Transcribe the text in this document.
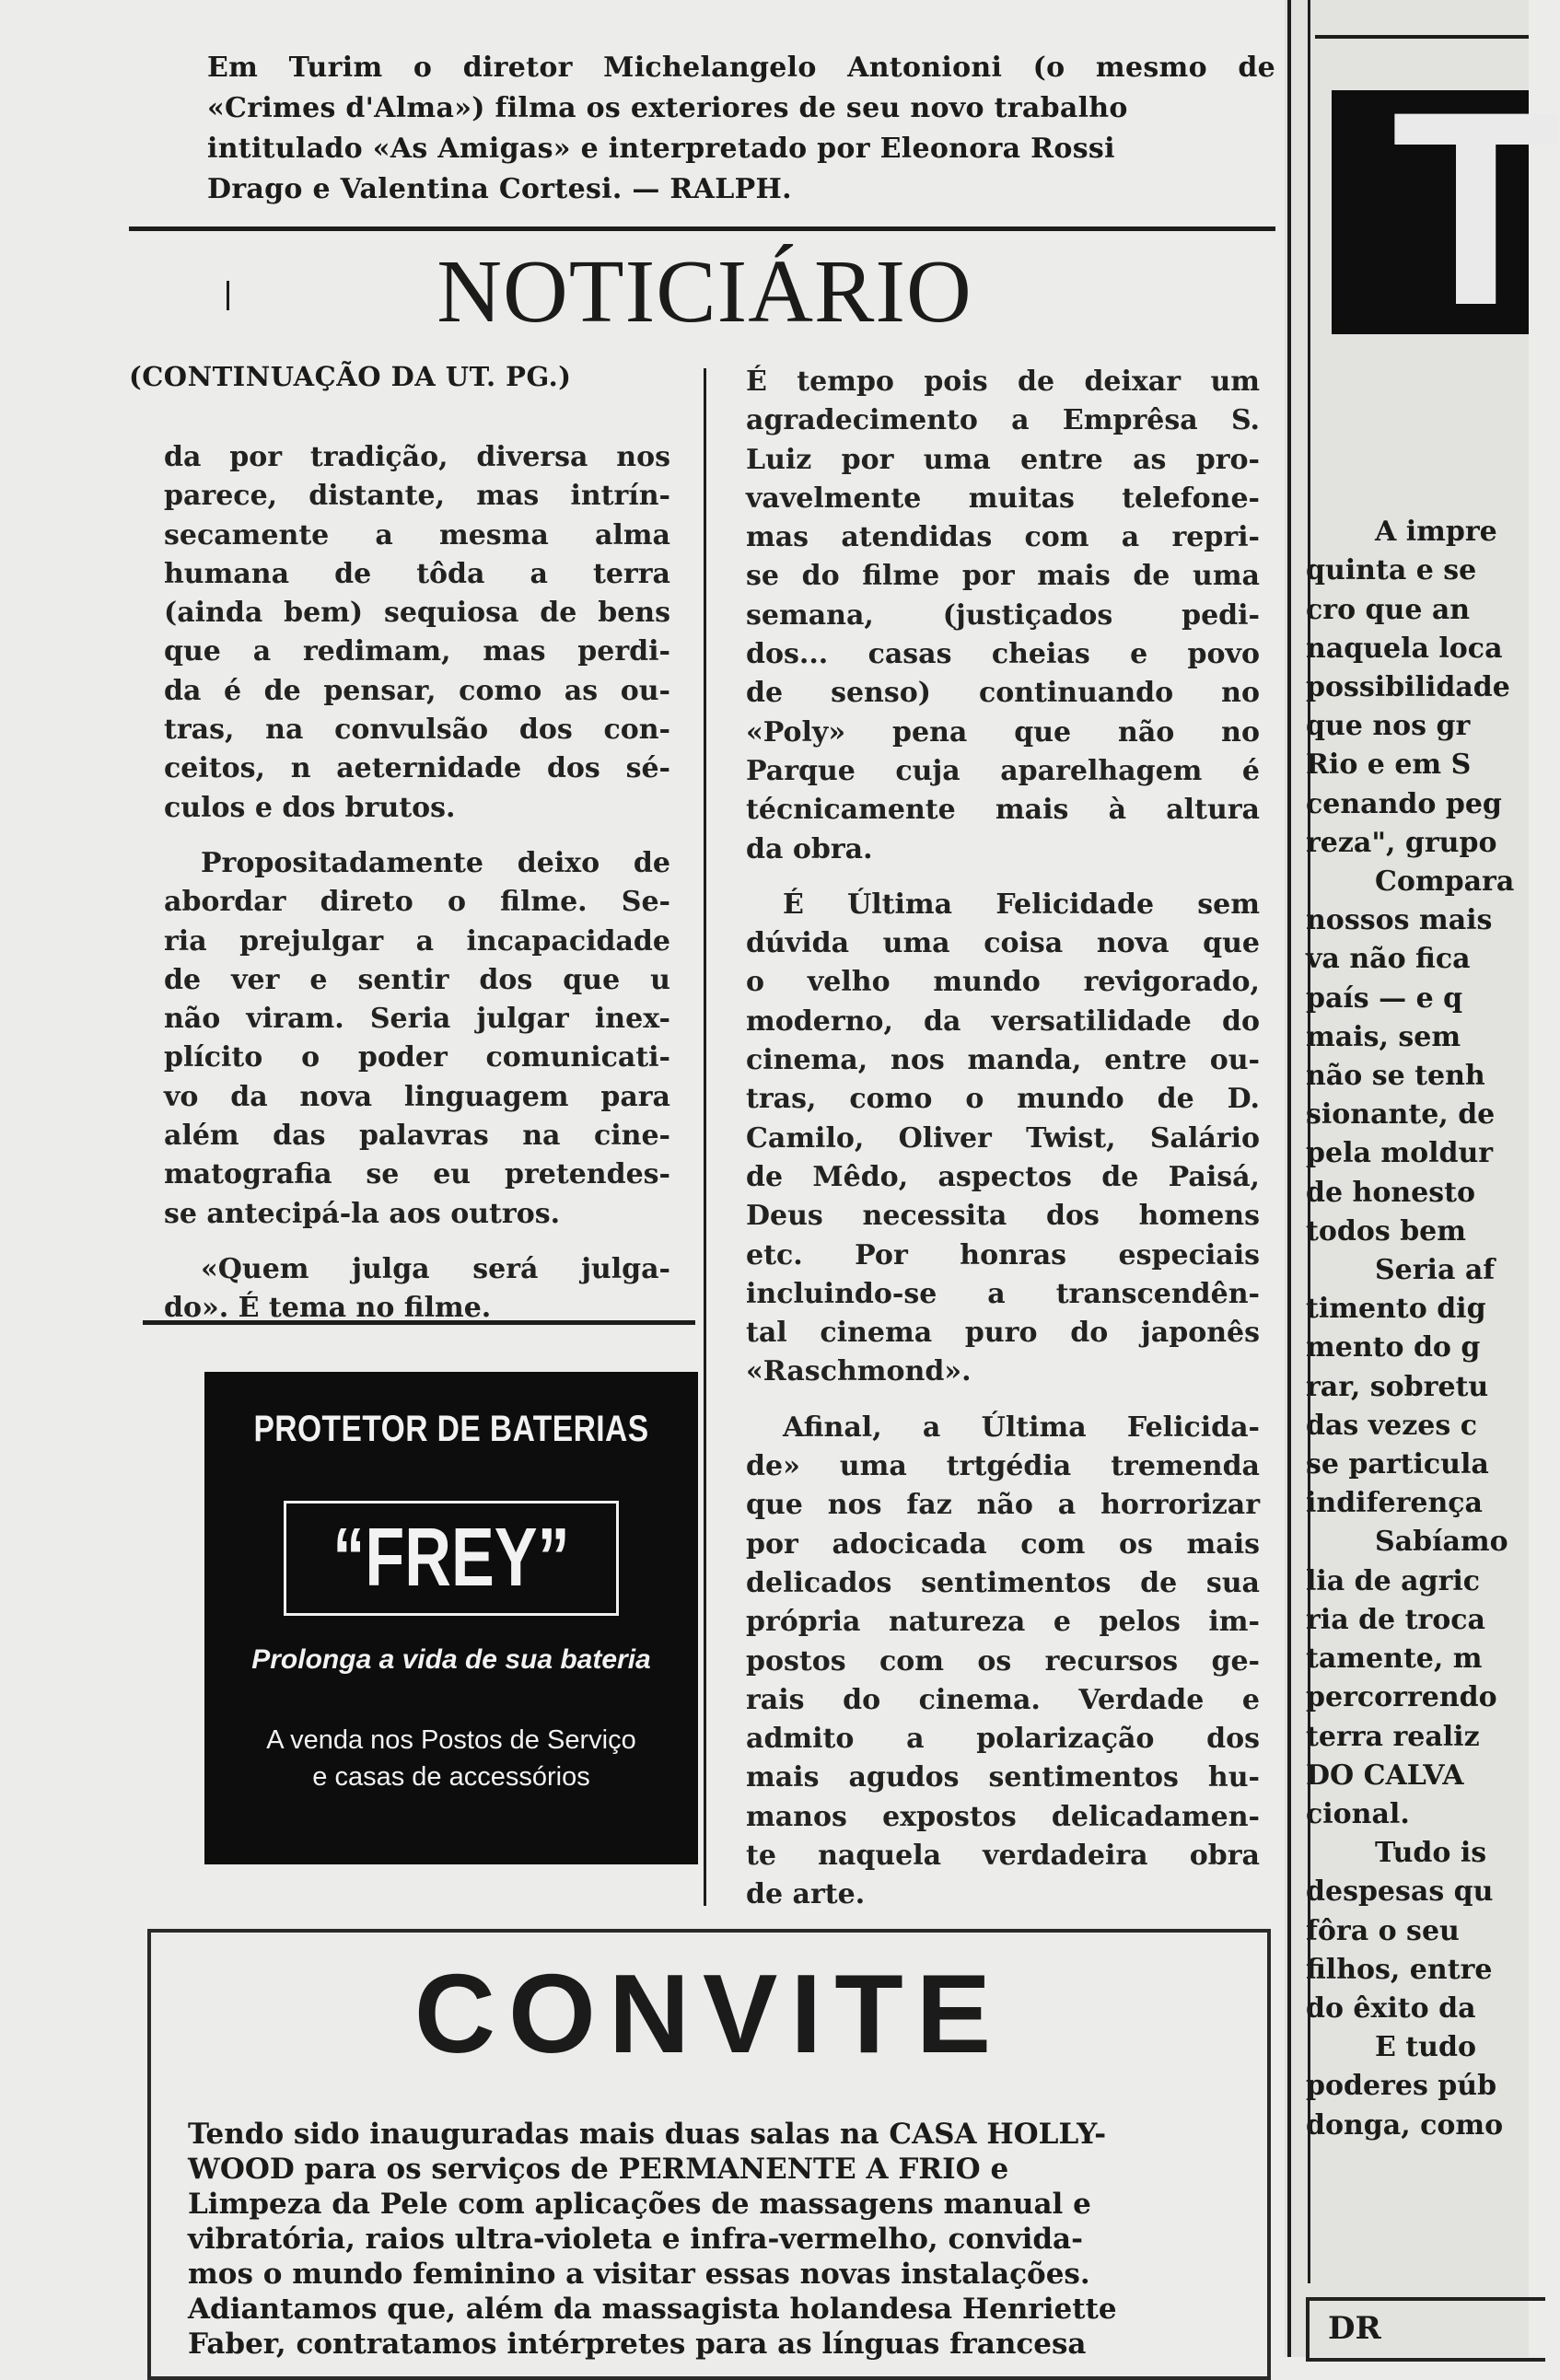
Em Turim o diretor Michelangelo Antonioni (o mesmo de
«Crimes d'Alma») filma os exteriores de seu novo trabalho
intitulado «As Amigas» e interpretado por Eleonora Rossi
Drago e Valentina Cortesi. — RALPH.
NOTICIÁRIO
(CONTINUAÇÃO DA UT. PG.)

da por tradição, diversa nos

parece, distante, mas intrín-

secamente a mesma alma

humana de tôda a terra

(ainda bem) sequiosa de bens

que a redimam, mas perdi-

da é de pensar, como as ou-

tras, na convulsão dos con-

ceitos, n aeternidade dos sé-

culos e dos brutos.

Propositadamente deixo de

abordar direto o filme. Se-

ria prejulgar a incapacidade

de ver e sentir dos que u

não viram. Seria julgar inex-

plícito o poder comunicati-

vo da nova linguagem para

além das palavras na cine-

matografia se eu pretendes-

se antecipá-la aos outros.

«Quem julga será julga-

do». É tema no filme.

É tempo pois de deixar um

agradecimento a Emprêsa S.

Luiz por uma entre as pro-

vavelmente muitas telefone-

mas atendidas com a repri-

se do filme por mais de uma

semana, (justiçados pedi-

dos... casas cheias e povo

de senso) continuando no

«Poly» pena que não no

Parque cuja aparelhagem é

técnicamente mais à altura

da obra.

É Última Felicidade sem

dúvida uma coisa nova que

o velho mundo revigorado,

moderno, da versatilidade do

cinema, nos manda, entre ou-

tras, como o mundo de D.

Camilo, Oliver Twist, Salário

de Mêdo, aspectos de Paisá,

Deus necessita dos homens

etc. Por honras especiais

incluindo-se a transcendên-

tal cinema puro do japonês

«Raschmond».

Afinal, a Última Felicida-

de» uma trtgédia tremenda

que nos faz não a horrorizar

por adocicada com os mais

delicados sentimentos de sua

própria natureza e pelos im-

postos com os recursos ge-

rais do cinema. Verdade e

admito a polarização dos

mais agudos sentimentos hu-

manos expostos delicadamen-

te naquela verdadeira obra

de arte.

PROTETOR DE BATERIAS
“FREY”
Prolonga a vida de sua bateria
A venda nos Postos de Serviço
e casas de accessórios
CONVITE
Tendo sido inauguradas mais duas salas na CASA HOLLY-
WOOD para os serviços de PERMANENTE A FRIO e
Limpeza da Pele com aplicações de massagens manual e
vibratória, raios ultra-violeta e infra-vermelho, convida-
mos o mundo feminino a visitar essas novas instalações.
Adiantamos que, além da massagista holandesa Henriette
Faber, contratamos intérpretes para as línguas francesa
T

A impre
quinta e se
cro que an
naquela loca
possibilidade
que nos gr
Rio e em S
cenando peg
reza", grupo
Compara
nossos mais
va não fica
país — e q
mais, sem
não se tenh
sionante, de
pela moldur
de honesto
todos bem
Seria af
timento dig
mento do g
rar, sobretu
das vezes c
se particula
indiferença
Sabíamo
lia de agric
ria de troca
tamente, m
percorrendo
terra realiz
DO CALVA
cional.
Tudo is
despesas qu
fôra o seu
filhos, entre
do êxito da
E tudo
poderes púb
donga, como
DR
